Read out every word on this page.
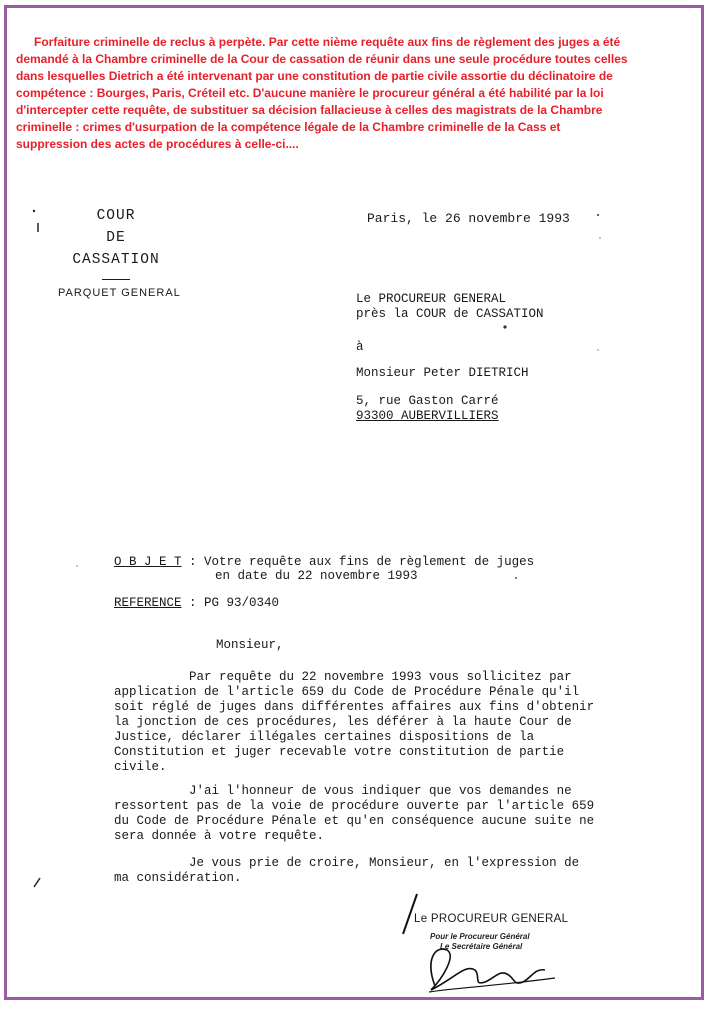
Forfaiture criminelle de reclus à perpète. Par cette nième requête aux fins de règlement des juges a été demandé à la Chambre criminelle de la Cour de cassation de réunir dans une seule procédure toutes celles dans lesquelles Dietrich a été intervenant par une constitution de partie civile assortie du déclinatoire de compétence : Bourges, Paris, Créteil etc. D'aucune manière le procureur général a été habilité par la loi d'intercepter cette requête, de substituer sa décision fallacieuse à celles des magistrats de la Chambre criminelle : crimes d'usurpation de la compétence légale de la Chambre criminelle de la Cass et suppression des actes de procédures à celle-ci....

COUR
DE
CASSATION
PARQUET GENERAL
Paris, le 26 novembre 1993
Le PROCUREUR GENERAL
près la COUR de CASSATION
à
Monsieur Peter DIETRICH
5, rue Gaston Carré
93300 AUBERVILLIERS
O B J E T : Votre requête aux fins de règlement de juges
en date du 22 novembre 1993
REFERENCE : PG 93/0340
Monsieur,
Par requête du 22 novembre 1993 vous sollicitez par
application de l'article 659 du Code de Procédure Pénale qu'il
soit réglé de juges dans différentes affaires aux fins d'obtenir
la jonction de ces procédures, les déférer à la haute Cour de
Justice, déclarer illégales certaines dispositions de la
Constitution et juger recevable votre constitution de partie
civile.
J'ai l'honneur de vous indiquer que vos demandes ne
ressortent pas de la voie de procédure ouverte par l'article 659
du Code de Procédure Pénale et qu'en conséquence aucune suite ne
sera donnée à votre requête.
Je vous prie de croire, Monsieur, en l'expression de
ma considération.
Le PROCUREUR GENERAL
Pour le Procureur Général
Le Secrétaire Général
